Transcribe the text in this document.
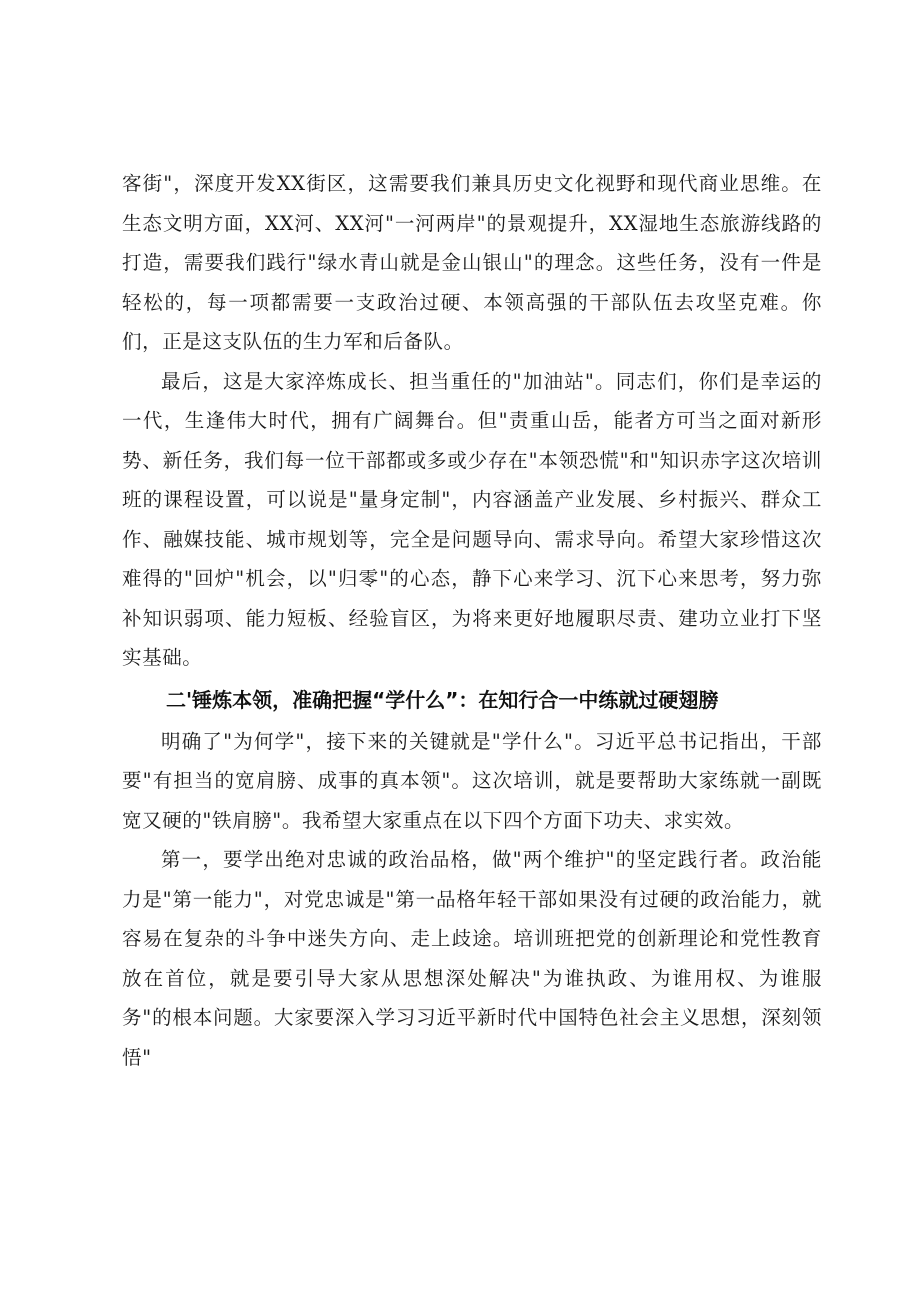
客街"，深度开发XX街区，这需要我们兼具历史文化视野和现代商业思维。在生态文明方面，XX河、XX河"一河两岸"的景观提升，XX湿地生态旅游线路的打造，需要我们践行"绿水青山就是金山银山"的理念。这些任务，没有一件是轻松的，每一项都需要一支政治过硬、本领高强的干部队伍去攻坚克难。你们，正是这支队伍的生力军和后备队。

最后，这是大家淬炼成长、担当重任的"加油站"。同志们，你们是幸运的一代，生逢伟大时代，拥有广阔舞台。但"责重山岳，能者方可当之面对新形势、新任务，我们每一位干部都或多或少存在"本领恐慌"和"知识赤字这次培训班的课程设置，可以说是"量身定制"，内容涵盖产业发展、乡村振兴、群众工作、融媒技能、城市规划等，完全是问题导向、需求导向。希望大家珍惜这次难得的"回炉"机会，以"归零"的心态，静下心来学习、沉下心来思考，努力弥补知识弱项、能力短板、经验盲区，为将来更好地履职尽责、建功立业打下坚实基础。

二'锤炼本领，准确把握“学什么”：在知行合一中练就过硬翅膀

明确了"为何学"，接下来的关键就是"学什么"。习近平总书记指出，干部要"有担当的宽肩膀、成事的真本领"。这次培训，就是要帮助大家练就一副既宽又硬的"铁肩膀"。我希望大家重点在以下四个方面下功夫、求实效。

第一，要学出绝对忠诚的政治品格，做"两个维护"的坚定践行者。政治能力是"第一能力"，对党忠诚是"第一品格年轻干部如果没有过硬的政治能力，就容易在复杂的斗争中迷失方向、走上歧途。培训班把党的创新理论和党性教育放在首位，就是要引导大家从思想深处解决"为谁执政、为谁用权、为谁服务"的根本问题。大家要深入学习习近平新时代中国特色社会主义思想，深刻领悟"
